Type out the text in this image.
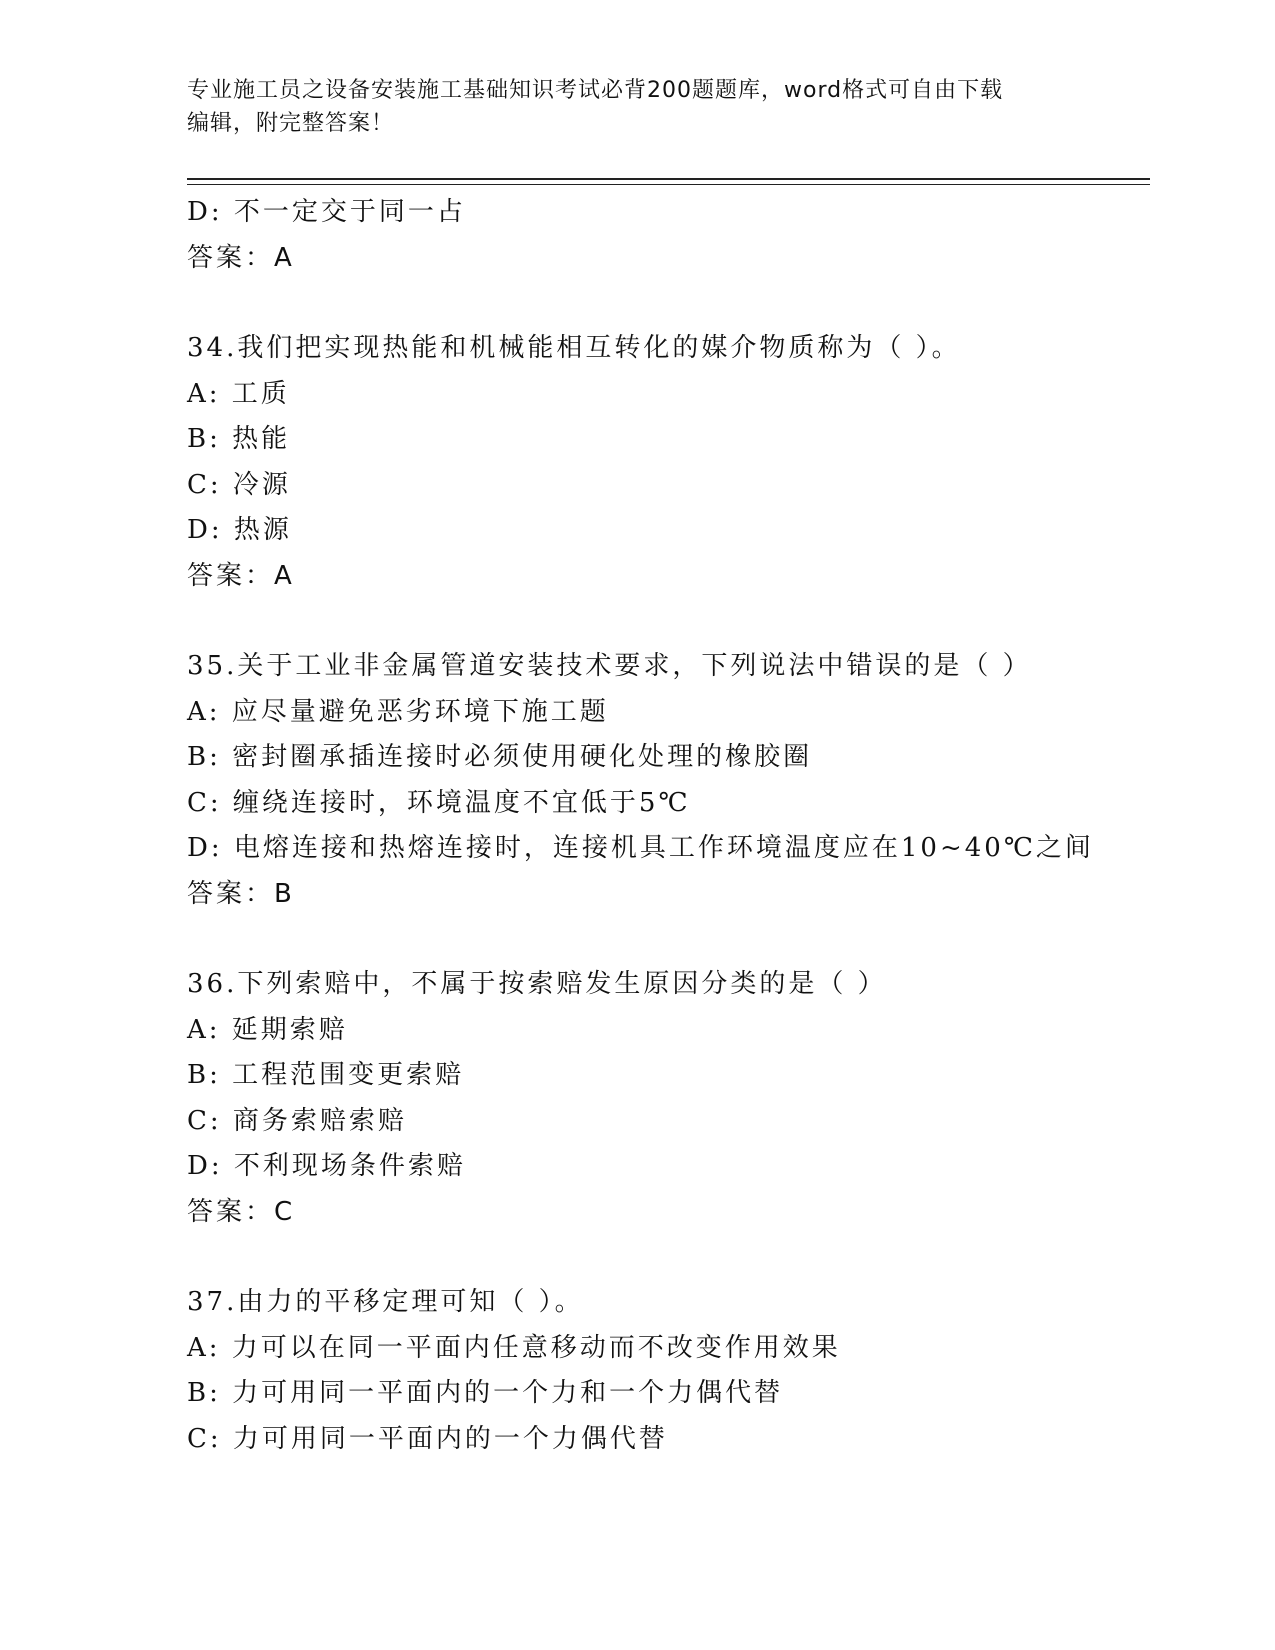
专业施工员之设备安装施工基础知识考试必背200题题库，word格式可自由下载
编辑，附完整答案！
D: 不一定交于同一占
答案：A
34.我们把实现热能和机械能相互转化的媒介物质称为（ ）。
A: 工质
B: 热能
C: 冷源
D: 热源
答案：A
35.关于工业非金属管道安装技术要求，下列说法中错误的是（ ）
A: 应尽量避免恶劣环境下施工题
B: 密封圈承插连接时必须使用硬化处理的橡胶圈
C: 缠绕连接时，环境温度不宜低于5℃
D: 电熔连接和热熔连接时，连接机具工作环境温度应在10~40℃之间
答案：B
36.下列索赔中，不属于按索赔发生原因分类的是（ ）
A: 延期索赔
B: 工程范围变更索赔
C: 商务索赔索赔
D: 不利现场条件索赔
答案：C
37.由力的平移定理可知（ ）。
A: 力可以在同一平面内任意移动而不改变作用效果
B: 力可用同一平面内的一个力和一个力偶代替
C: 力可用同一平面内的一个力偶代替
